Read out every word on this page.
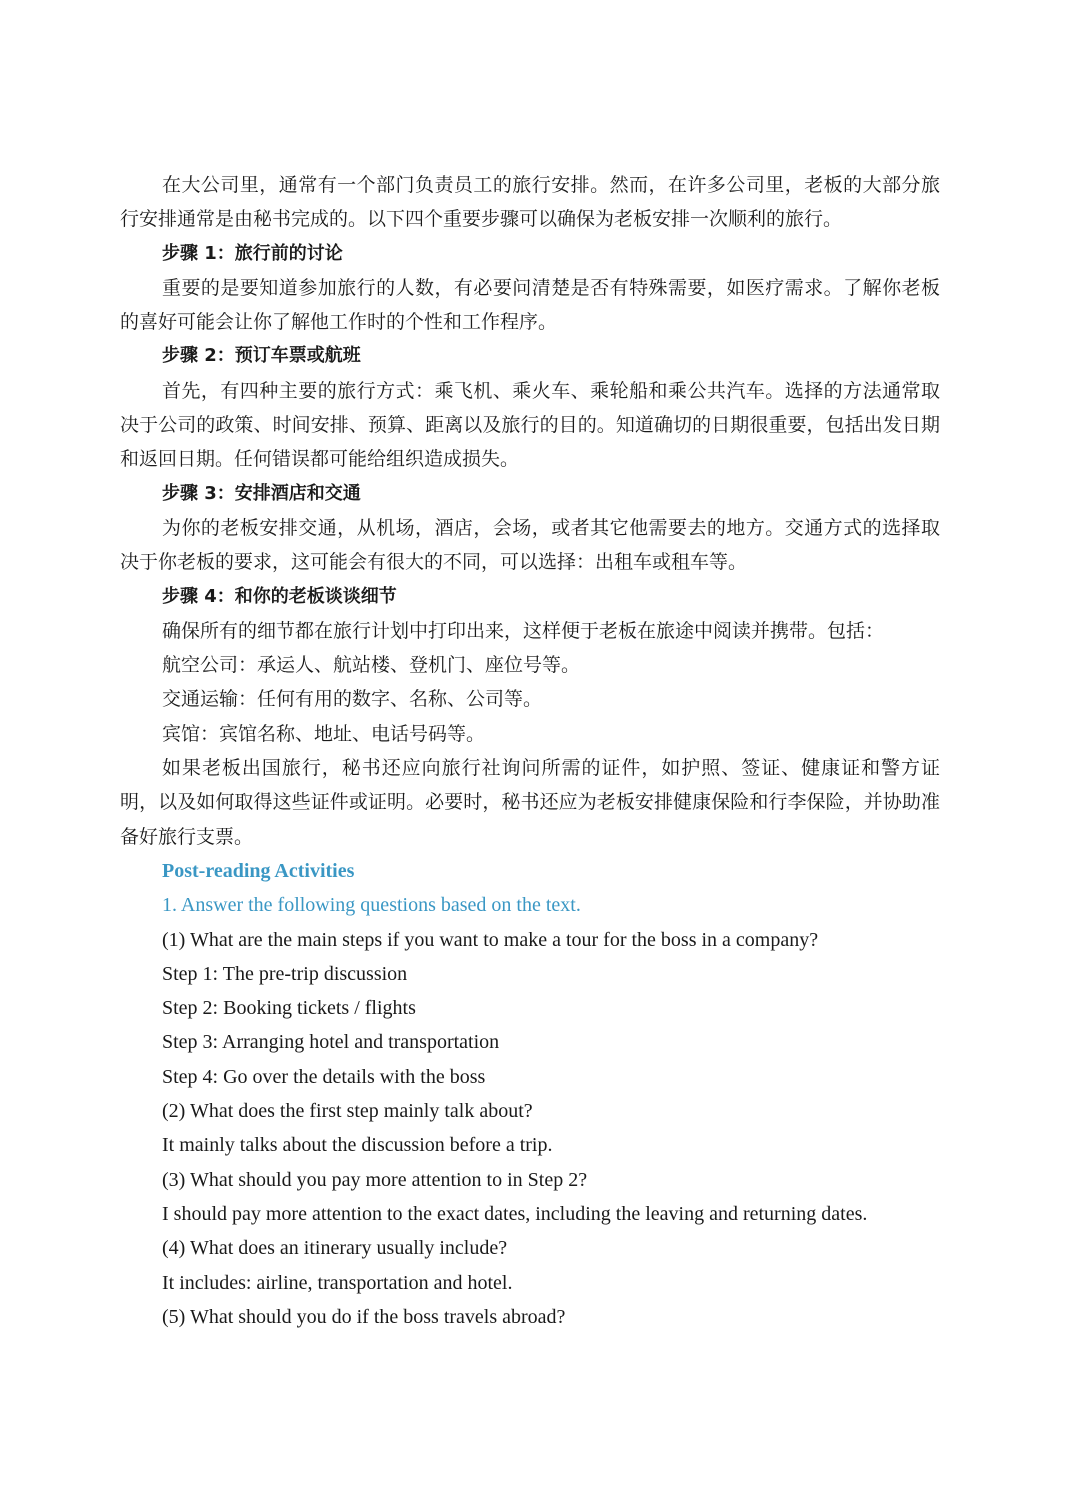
在大公司里，通常有一个部门负责员工的旅行安排。然而，在许多公司里，老板的大部分旅行安排通常是由秘书完成的。以下四个重要步骤可以确保为老板安排一次顺利的旅行。

步骤 1：旅行前的讨论

重要的是要知道参加旅行的人数，有必要问清楚是否有特殊需要，如医疗需求。了解你老板的喜好可能会让你了解他工作时的个性和工作程序。

步骤 2：预订车票或航班

首先，有四种主要的旅行方式：乘飞机、乘火车、乘轮船和乘公共汽车。选择的方法通常取决于公司的政策、时间安排、预算、距离以及旅行的目的。知道确切的日期很重要，包括出发日期和返回日期。任何错误都可能给组织造成损失。

步骤 3：安排酒店和交通

为你的老板安排交通，从机场，酒店，会场，或者其它他需要去的地方。交通方式的选择取决于你老板的要求，这可能会有很大的不同，可以选择：出租车或租车等。

步骤 4：和你的老板谈谈细节

确保所有的细节都在旅行计划中打印出来，这样便于老板在旅途中阅读并携带。包括：

航空公司：承运人、航站楼、登机门、座位号等。

交通运输：任何有用的数字、名称、公司等。

宾馆：宾馆名称、地址、电话号码等。

如果老板出国旅行，秘书还应向旅行社询问所需的证件，如护照、签证、健康证和警方证明，以及如何取得这些证件或证明。必要时，秘书还应为老板安排健康保险和行李保险，并协助准备好旅行支票。

Post-reading Activities

1. Answer the following questions based on the text.

(1) What are the main steps if you want to make a tour for the boss in a company?

Step 1: The pre-trip discussion

Step 2: Booking tickets / flights

Step 3: Arranging hotel and transportation

Step 4: Go over the details with the boss

(2) What does the first step mainly talk about?

It mainly talks about the discussion before a trip.

(3) What should you pay more attention to in Step 2?

I should pay more attention to the exact dates, including the leaving and returning dates.

(4) What does an itinerary usually include?

It includes: airline, transportation and hotel.

(5) What should you do if the boss travels abroad?
